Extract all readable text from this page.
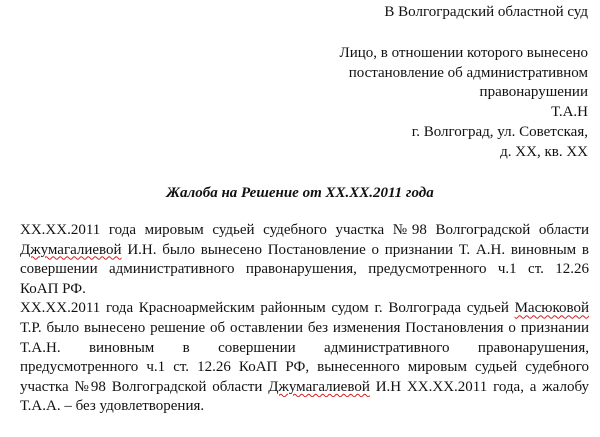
В Волгоградский областной суд

Лицо, в отношении которого вынесено

постановление об административном

правонарушении

Т.А.Н

г. Волгоград, ул. Советская,

д. ХХ, кв. ХХ

Жалоба на Решение от ХХ.ХХ.2011 года

ХХ.ХХ.2011 года мировым судьей судебного участка №98 Волгоградской области
Джумагалиевой И.Н. было вынесено Постановление о признании Т. А.Н. виновным в
совершении административного правонарушения, предусмотренного ч.1 ст. 12.26
КоАП РФ.
ХХ.ХХ.2011 года Красноармейским районным судом г. Волгограда судьей Масюковой
Т.Р. было вынесено решение об оставлении без изменения Постановления о признании
Т.А.Н. виновным в совершении административного правонарушения,
предусмотренного ч.1 ст. 12.26 КоАП РФ, вынесенного мировым судьей судебного
участка №98 Волгоградской области Джумагалиевой И.Н ХХ.ХХ.2011 года, а жалобу
Т.А.А. – без удовлетворения.
